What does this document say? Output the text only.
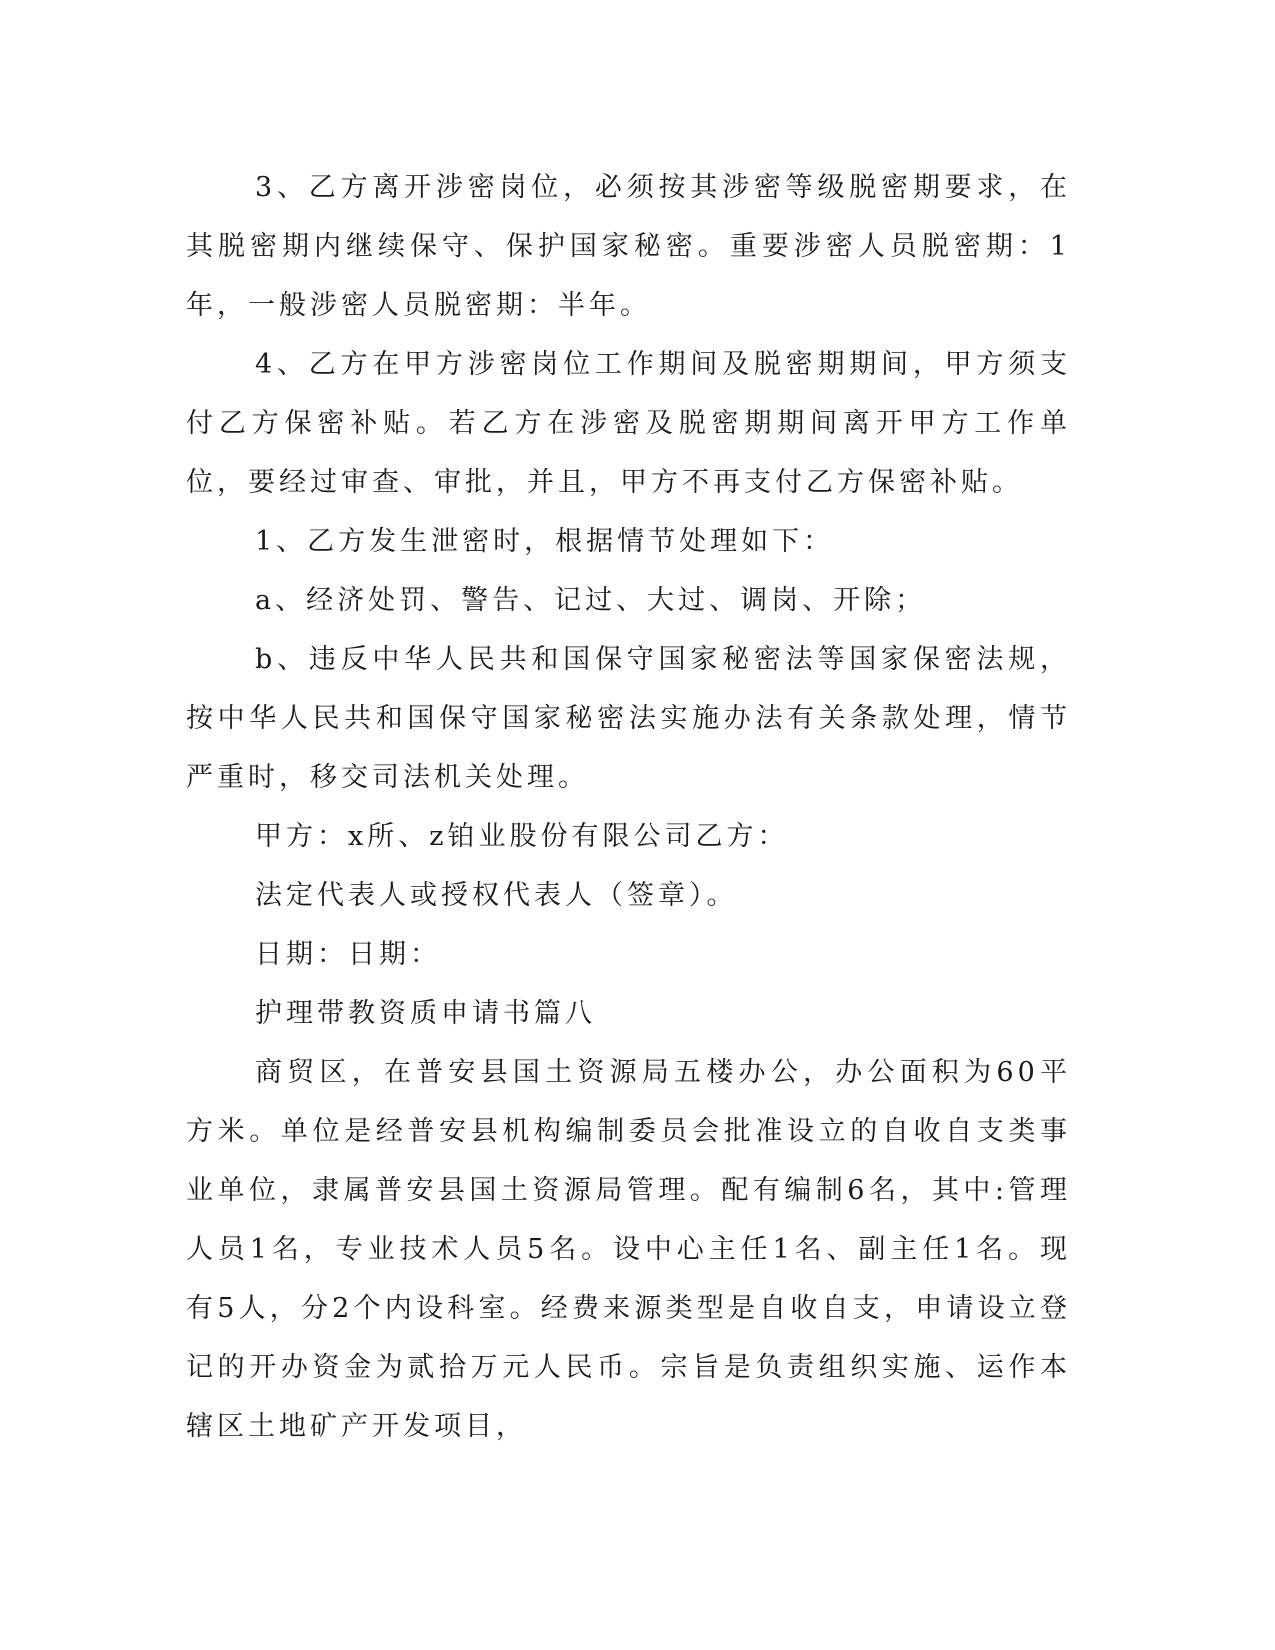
3、乙方离开涉密岗位，必须按其涉密等级脱密期要求，在其脱密期内继续保守、保护国家秘密。重要涉密人员脱密期：1年，一般涉密人员脱密期：半年。

4、乙方在甲方涉密岗位工作期间及脱密期期间，甲方须支付乙方保密补贴。若乙方在涉密及脱密期期间离开甲方工作单位，要经过审查、审批，并且，甲方不再支付乙方保密补贴。

1、乙方发生泄密时，根据情节处理如下：

a、经济处罚、警告、记过、大过、调岗、开除；

b、违反中华人民共和国保守国家秘密法等国家保密法规，按中华人民共和国保守国家秘密法实施办法有关条款处理，情节严重时，移交司法机关处理。

甲方：x所、z铂业股份有限公司乙方：

法定代表人或授权代表人（签章）。

日期：日期：

护理带教资质申请书篇八

商贸区，在普安县国土资源局五楼办公，办公面积为60平方米。单位是经普安县机构编制委员会批准设立的自收自支类事业单位，隶属普安县国土资源局管理。配有编制6名，其中:管理人员1名，专业技术人员5名。设中心主任1名、副主任1名。现有5人，分2个内设科室。经费来源类型是自收自支，申请设立登记的开办资金为贰拾万元人民币。宗旨是负责组织实施、运作本辖区土地矿产开发项目，
